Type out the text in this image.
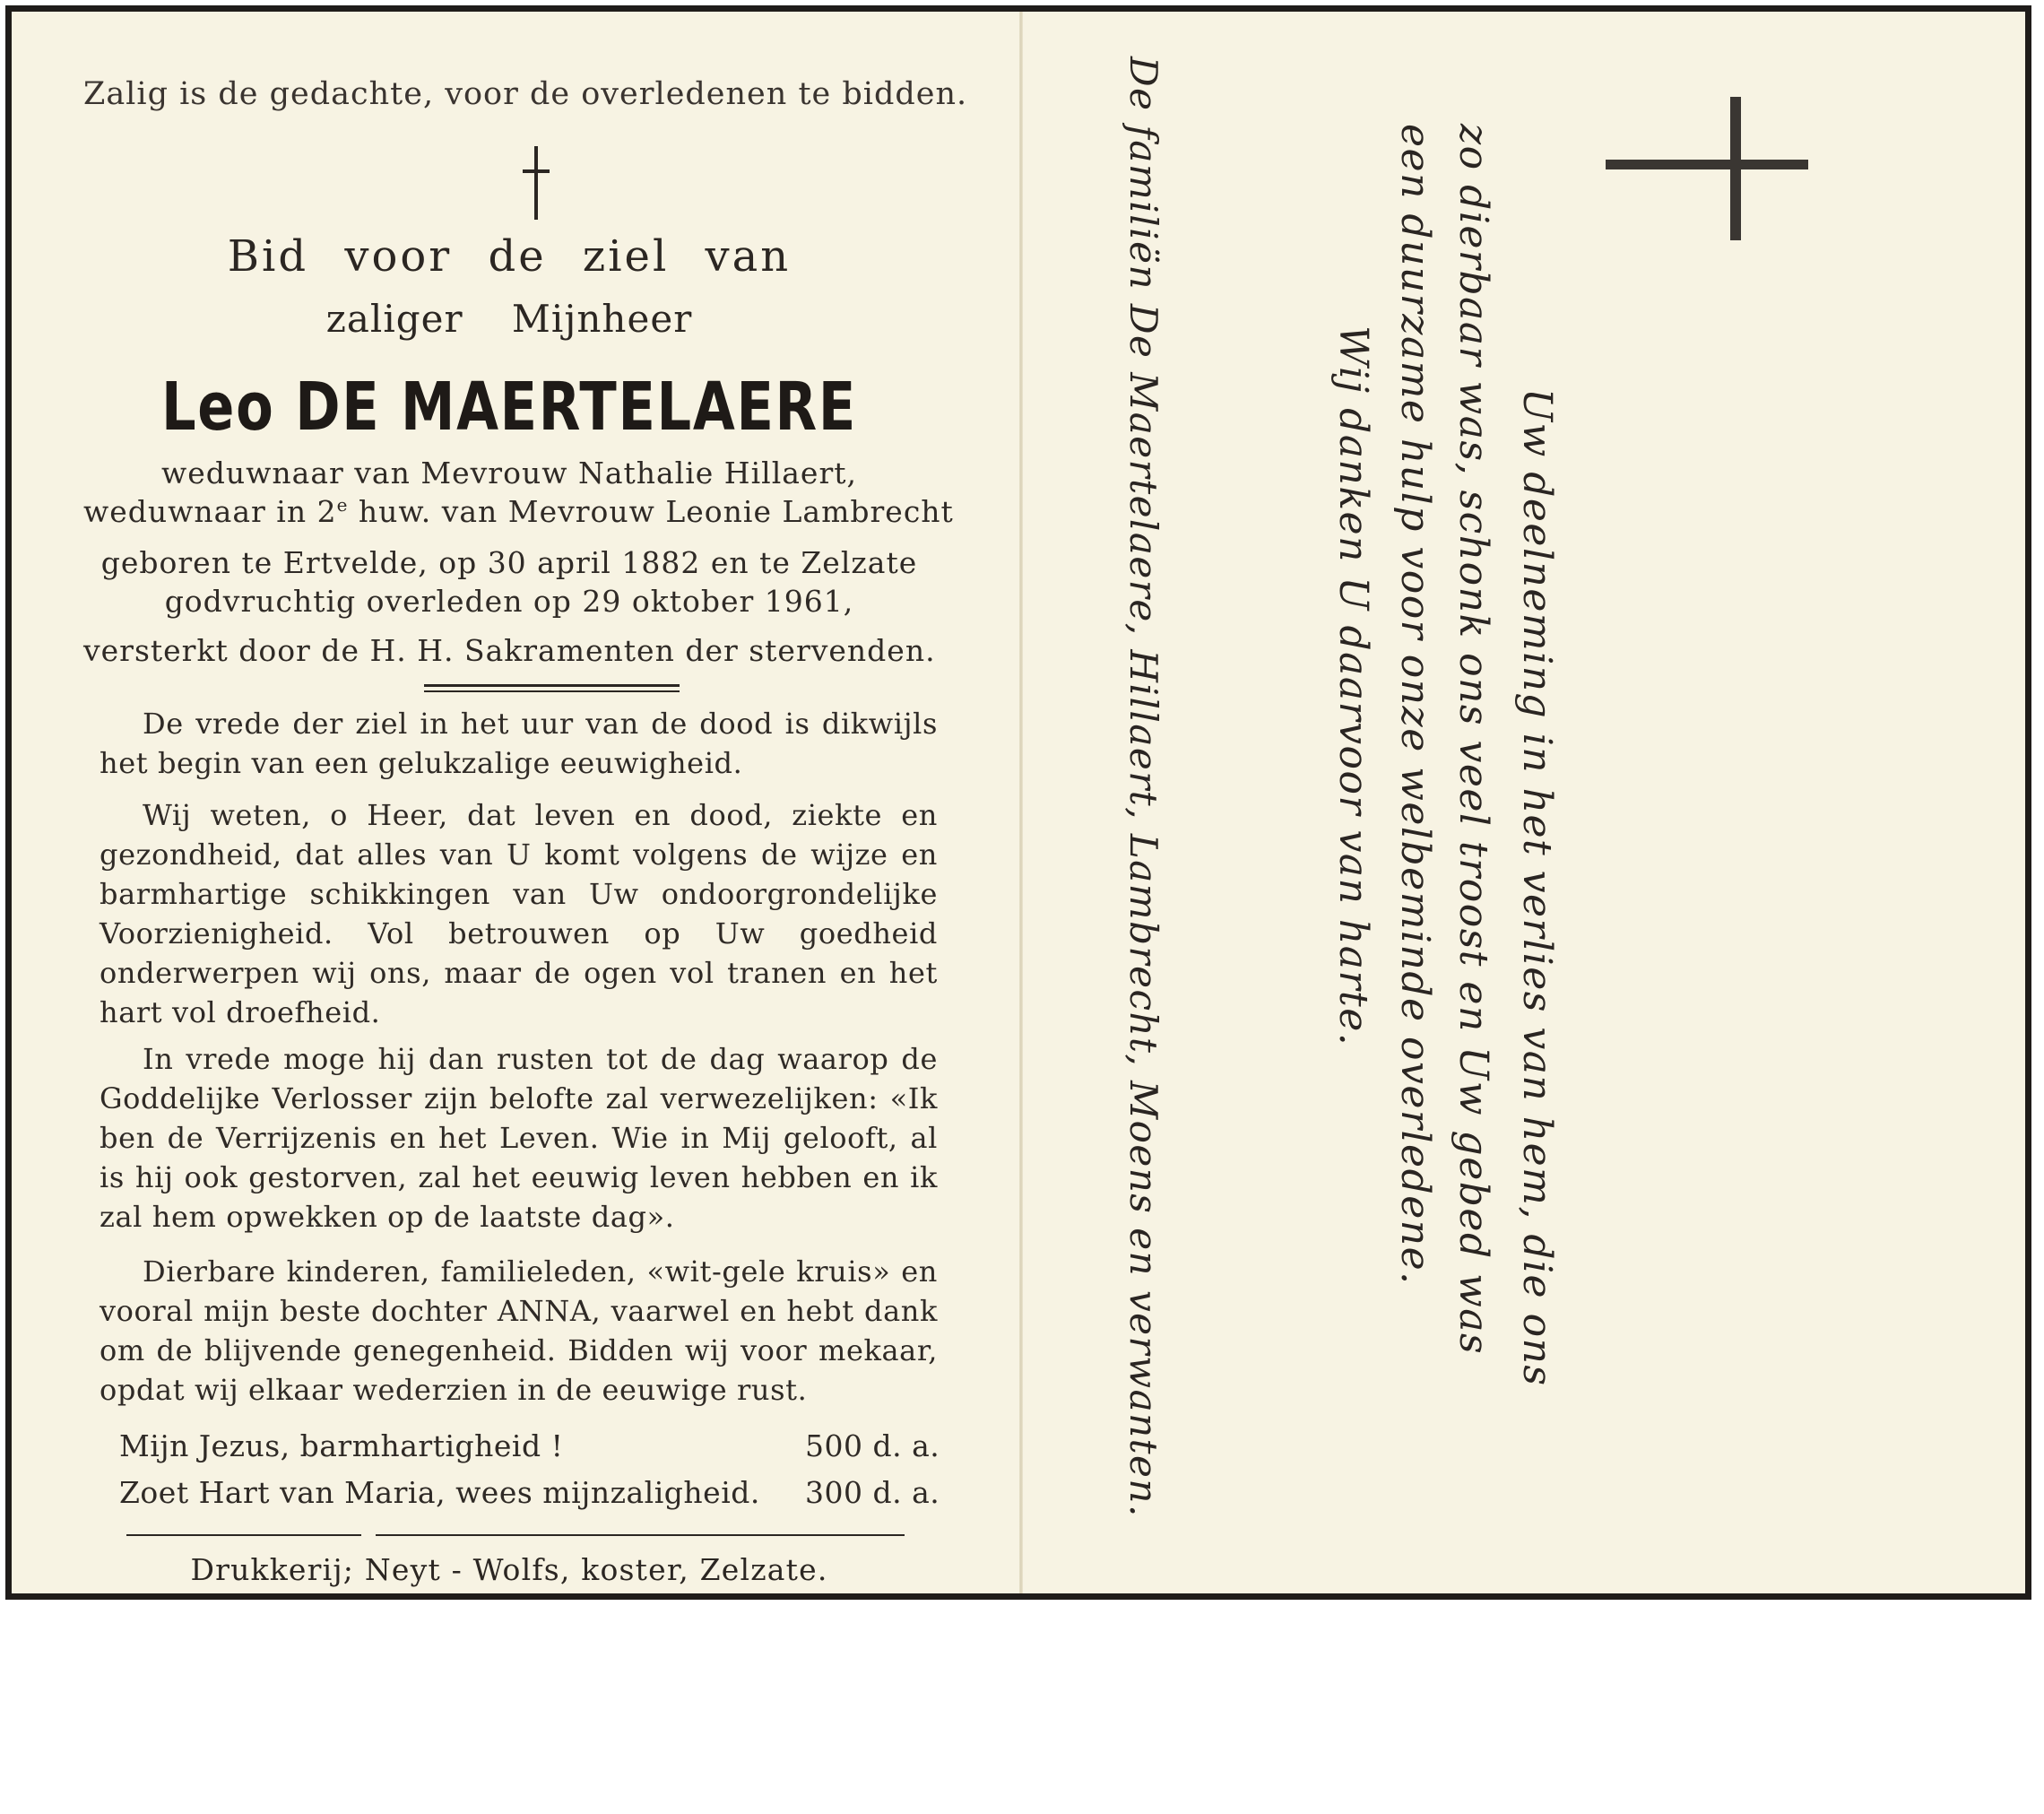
Zalig is de gedachte, voor de overledenen te bidden.
Bid voor de ziel van
zaliger Mijnheer
Leo DE MAERTELAERE
weduwnaar van Mevrouw Nathalie Hillaert,
weduwnaar in 2e huw. van Mevrouw Leonie Lambrecht
geboren te Ertvelde, op 30 april 1882 en te Zelzate
godvruchtig overleden op 29 oktober 1961,
versterkt door de H. H. Sakramenten der stervenden.

De vrede der ziel in het uur van de dood is dikwijls het begin van een gelukzalige eeuwigheid.

Wij weten, o Heer, dat leven en dood, ziekte en gezondheid, dat alles van U komt volgens de wijze en barmhartige schikkingen van Uw ondoorgrondelijke Voorzienigheid. Vol betrouwen op Uw goedheid onderwerpen wij ons, maar de ogen vol tranen en het hart vol droefheid.

In vrede moge hij dan rusten tot de dag waarop de Goddelijke Verlosser zijn belofte zal verwezelijken: «Ik ben de Verrijzenis en het Leven. Wie in Mij gelooft, al is hij ook gestorven, zal het eeuwig leven hebben en ik zal hem opwekken op de laatste dag».

Dierbare kinderen, familieleden, «wit-gele kruis» en vooral mijn beste dochter ANNA, vaarwel en hebt dank om de blijvende genegenheid. Bidden wij voor mekaar, opdat wij elkaar wederzien in de eeuwige rust.

Mijn Jezus, barmhartigheid !	500 d. a.
Zoet Hart van Maria, wees mijnzaligheid. 300 d. a.
Drukkerij; Neyt - Wolfs, koster, Zelzate.
Uw deelneming in het verlies van hem, die ons
zo dierbaar was, schonk ons veel troost en Uw gebed was
een duurzame hulp voor onze welbeminde overledene.
Wij danken U daarvoor van harte.
De familiën De Maertelaere, Hillaert, Lambrecht, Moens en verwanten.
